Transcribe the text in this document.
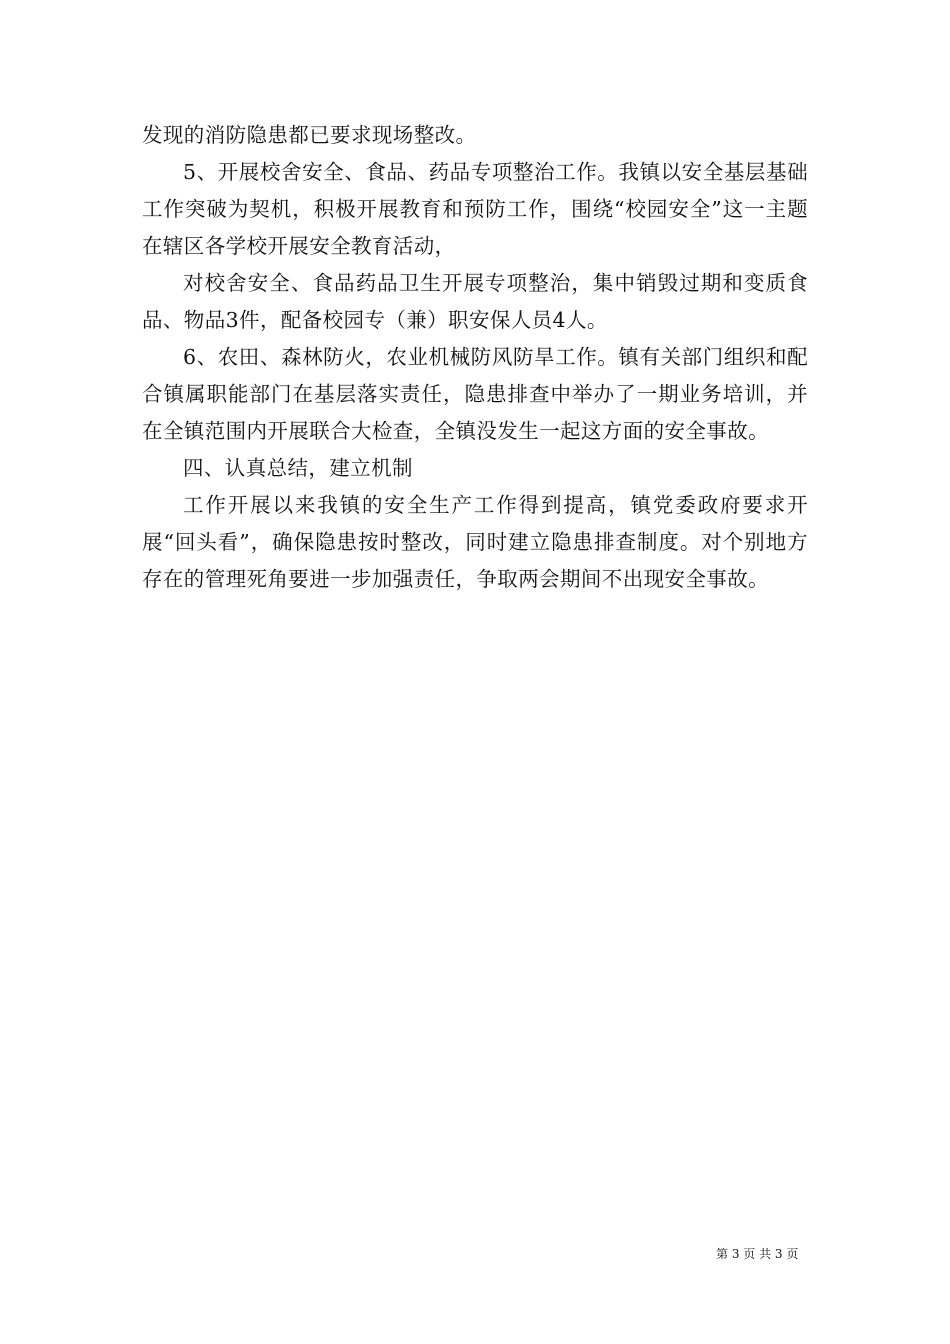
发现的消防隐患都已要求现场整改。

5、开展校舍安全、食品、药品专项整治工作。我镇以安全基层基础工作突破为契机，积极开展教育和预防工作，围绕“校园安全”这一主题在辖区各学校开展安全教育活动，

对校舍安全、食品药品卫生开展专项整治，集中销毁过期和变质食品、物品3件，配备校园专（兼）职安保人员4人。

6、农田、森林防火，农业机械防风防旱工作。镇有关部门组织和配合镇属职能部门在基层落实责任，隐患排查中举办了一期业务培训，并在全镇范围内开展联合大检查，全镇没发生一起这方面的安全事故。

四、认真总结，建立机制

工作开展以来我镇的安全生产工作得到提高，镇党委政府要求开展“回头看”，确保隐患按时整改，同时建立隐患排查制度。对个别地方存在的管理死角要进一步加强责任，争取两会期间不出现安全事故。

第 3 页 共 3 页
